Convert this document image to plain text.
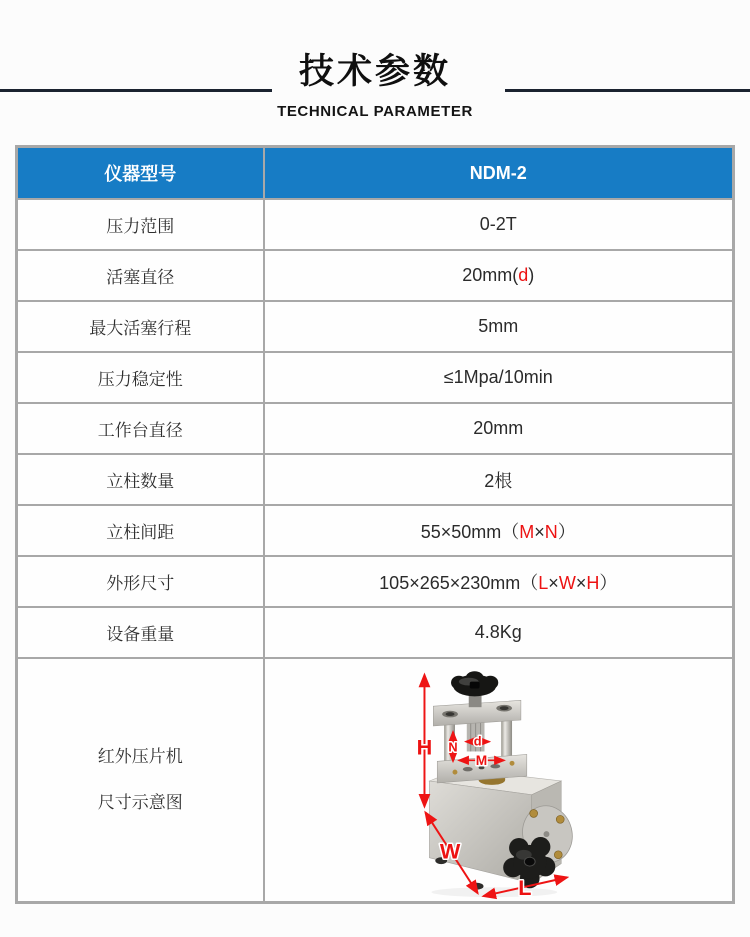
技术参数
TECHNICAL PARAMETER
仪器型号	NDM-2
压力范围	0-2T
活塞直径	20mm(d)
最大活塞行程	5mm
压力稳定性	≤1Mpa/10min
工作台直径	20mm
立柱数量	2根
立柱间距	55×50mm（M×N）
外形尺寸	105×265×230mm（L×W×H）
设备重量	4.8Kg

红外压片机
尺寸示意图

H N d
M
W
L
